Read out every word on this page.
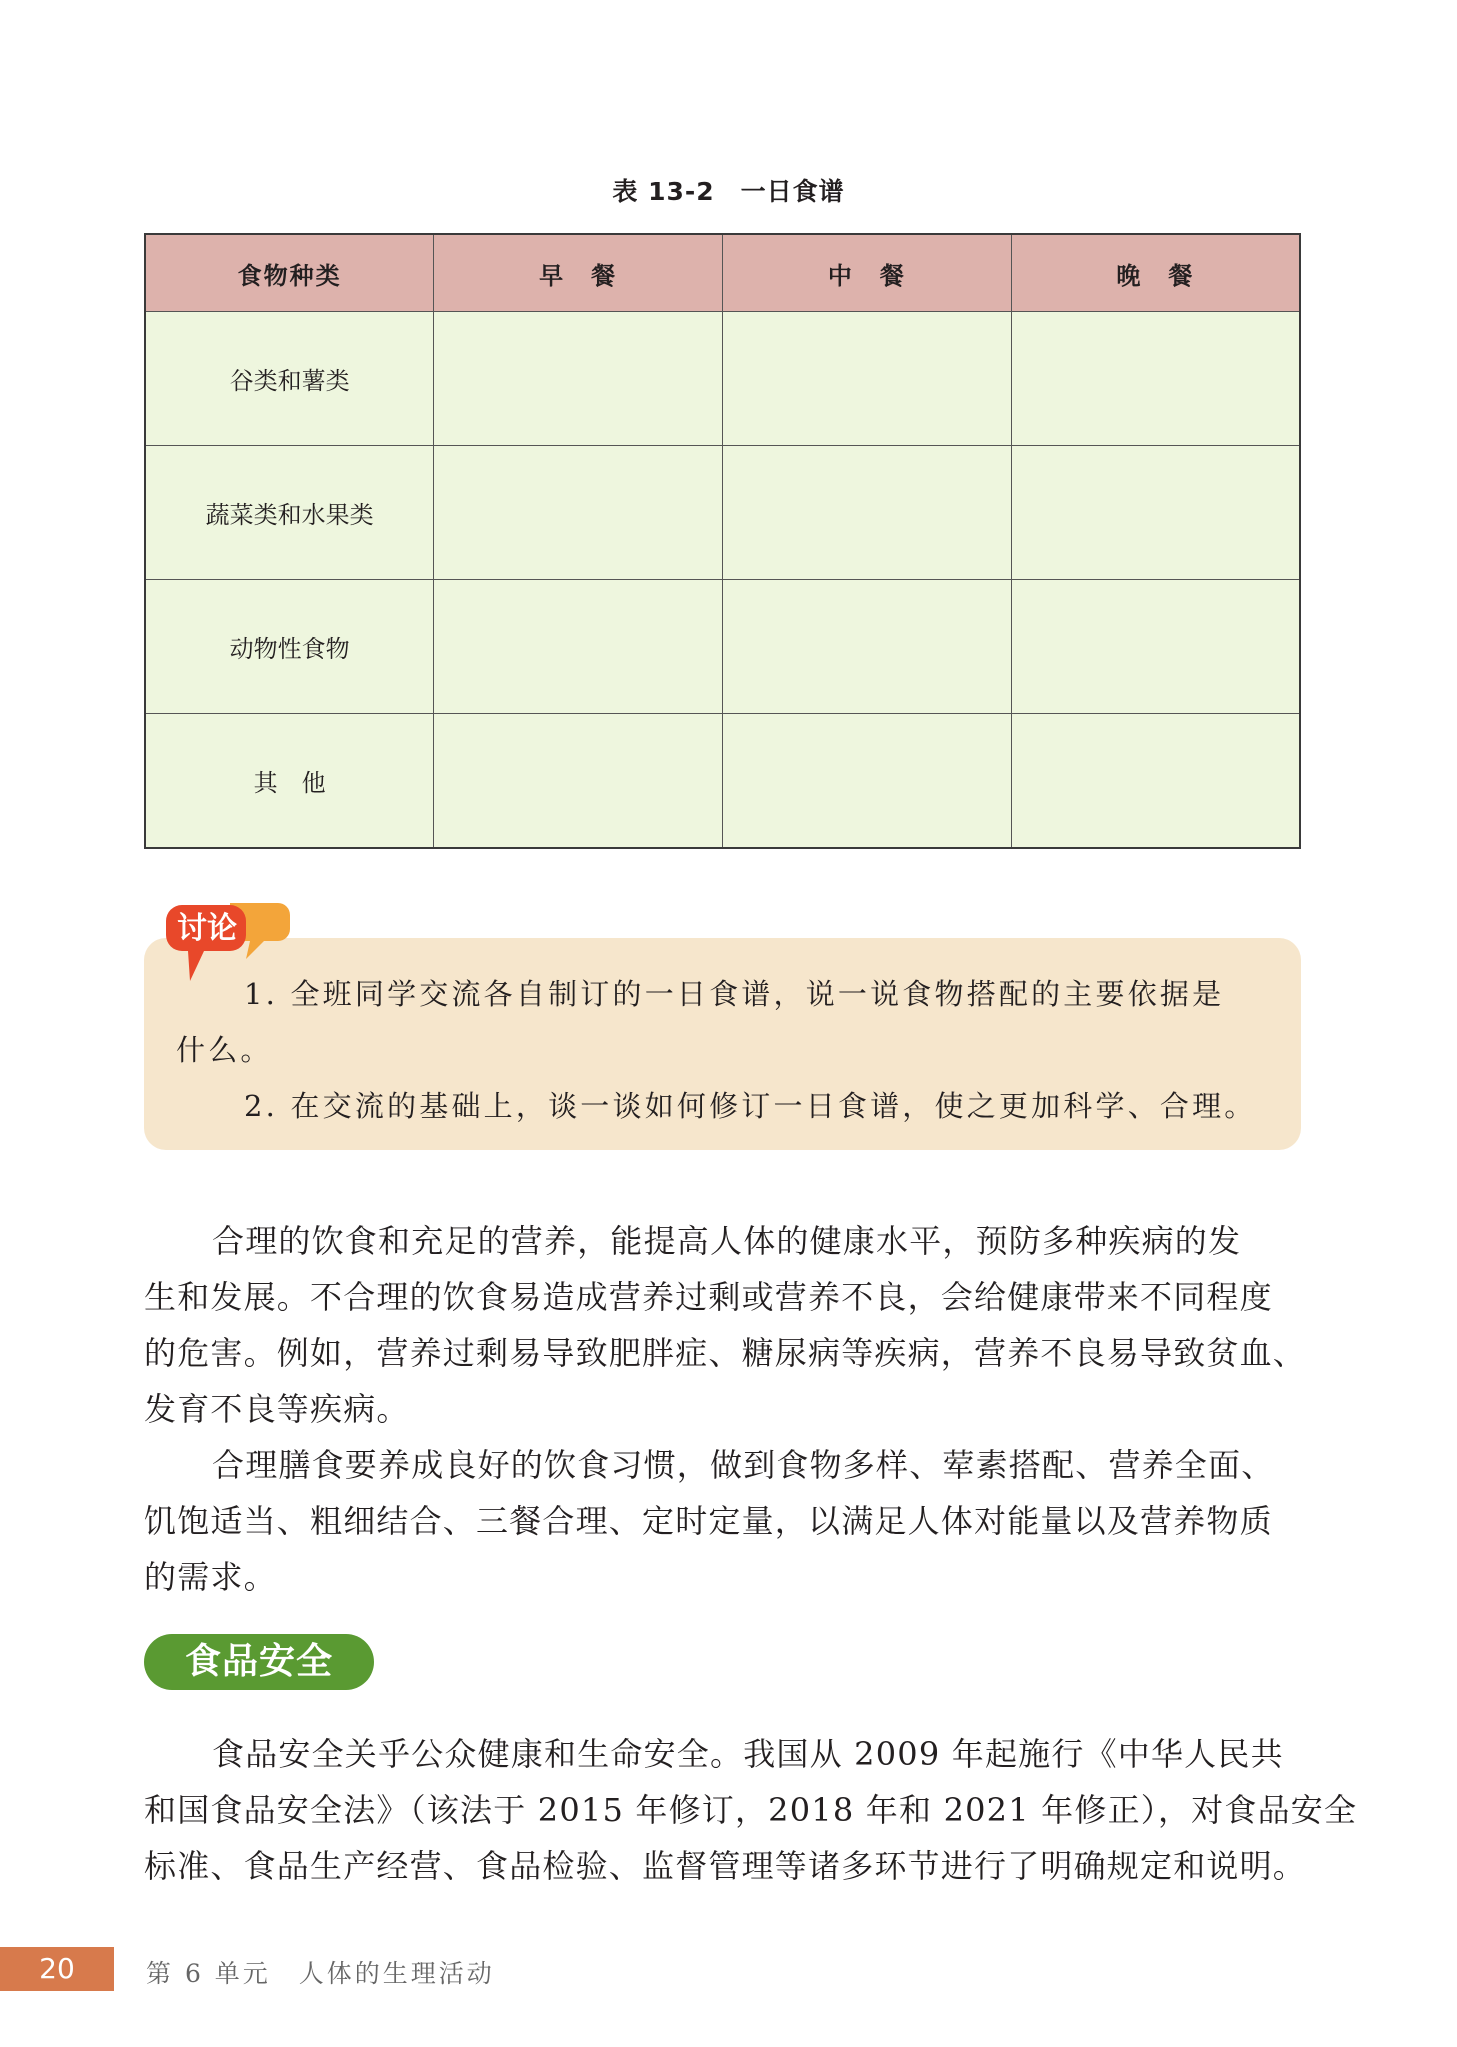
表 13-2　一日食谱
食物种类	早　餐	中　餐	晚　餐
谷类和薯类			
蔬菜类和水果类			
动物性食物			
其　他			
讨论
1. 全班同学交流各自制订的一日食谱，说一说食物搭配的主要依据是
什么。
2. 在交流的基础上，谈一谈如何修订一日食谱，使之更加科学、合理。
合理的饮食和充足的营养，能提高人体的健康水平，预防多种疾病的发
生和发展。不合理的饮食易造成营养过剩或营养不良，会给健康带来不同程度
的危害。例如，营养过剩易导致肥胖症、糖尿病等疾病，营养不良易导致贫血、
发育不良等疾病。
合理膳食要养成良好的饮食习惯，做到食物多样、荤素搭配、营养全面、
饥饱适当、粗细结合、三餐合理、定时定量，以满足人体对能量以及营养物质
的需求。
食品安全
食品安全关乎公众健康和生命安全。我国从 2009 年起施行《中华人民共
和国食品安全法》（该法于 2015 年修订，2018 年和 2021 年修正），对食品安全
标准、食品生产经营、食品检验、监督管理等诸多环节进行了明确规定和说明。
20	第 6 单元　人体的生理活动
